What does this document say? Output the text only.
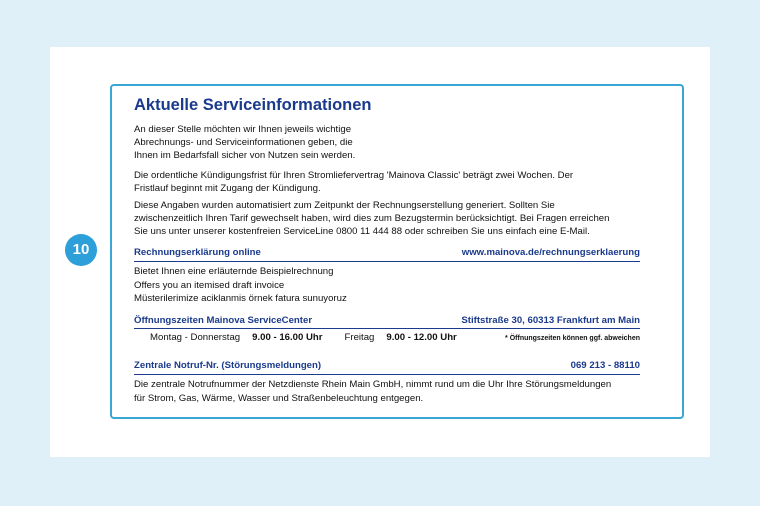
10
Aktuelle Serviceinformationen

An dieser Stelle möchten wir Ihnen jeweils wichtige

Abrechnungs- und Serviceinformationen geben, die

Ihnen im Bedarfsfall sicher von Nutzen sein werden.

Die ordentliche Kündigungsfrist für Ihren Stromliefervertrag 'Mainova Classic' beträgt zwei Wochen. Der

Fristlauf beginnt mit Zugang der Kündigung.

Diese Angaben wurden automatisiert zum Zeitpunkt der Rechnungserstellung generiert. Sollten Sie

zwischenzeitlich Ihren Tarif gewechselt haben, wird dies zum Bezugstermin berücksichtigt. Bei Fragen erreichen

Sie uns unter unserer kostenfreien ServiceLine 0800 11 444 88 oder schreiben Sie uns einfach eine E-Mail.

Rechnungserklärung online	www.mainova.de/rechnungserklaerung

Bietet Ihnen eine erläuternde Beispielrechnung

Offers you an itemised draft invoice

Müsterilerimize aciklanmis örnek fatura sunuyoruz

Öffnungszeiten Mainova ServiceCenter	Stiftstraße 30, 60313 Frankfurt am Main
Montag - Donnerstag 9.00 - 16.00 Uhr Freitag 9.00 - 12.00 Uhr	* Öffnungszeiten können ggf. abweichen
Zentrale Notruf-Nr. (Störungsmeldungen)	069 213 - 88110

Die zentrale Notrufnummer der Netzdienste Rhein Main GmbH, nimmt rund um die Uhr Ihre Störungsmeldungen

für Strom, Gas, Wärme, Wasser und Straßenbeleuchtung entgegen.
